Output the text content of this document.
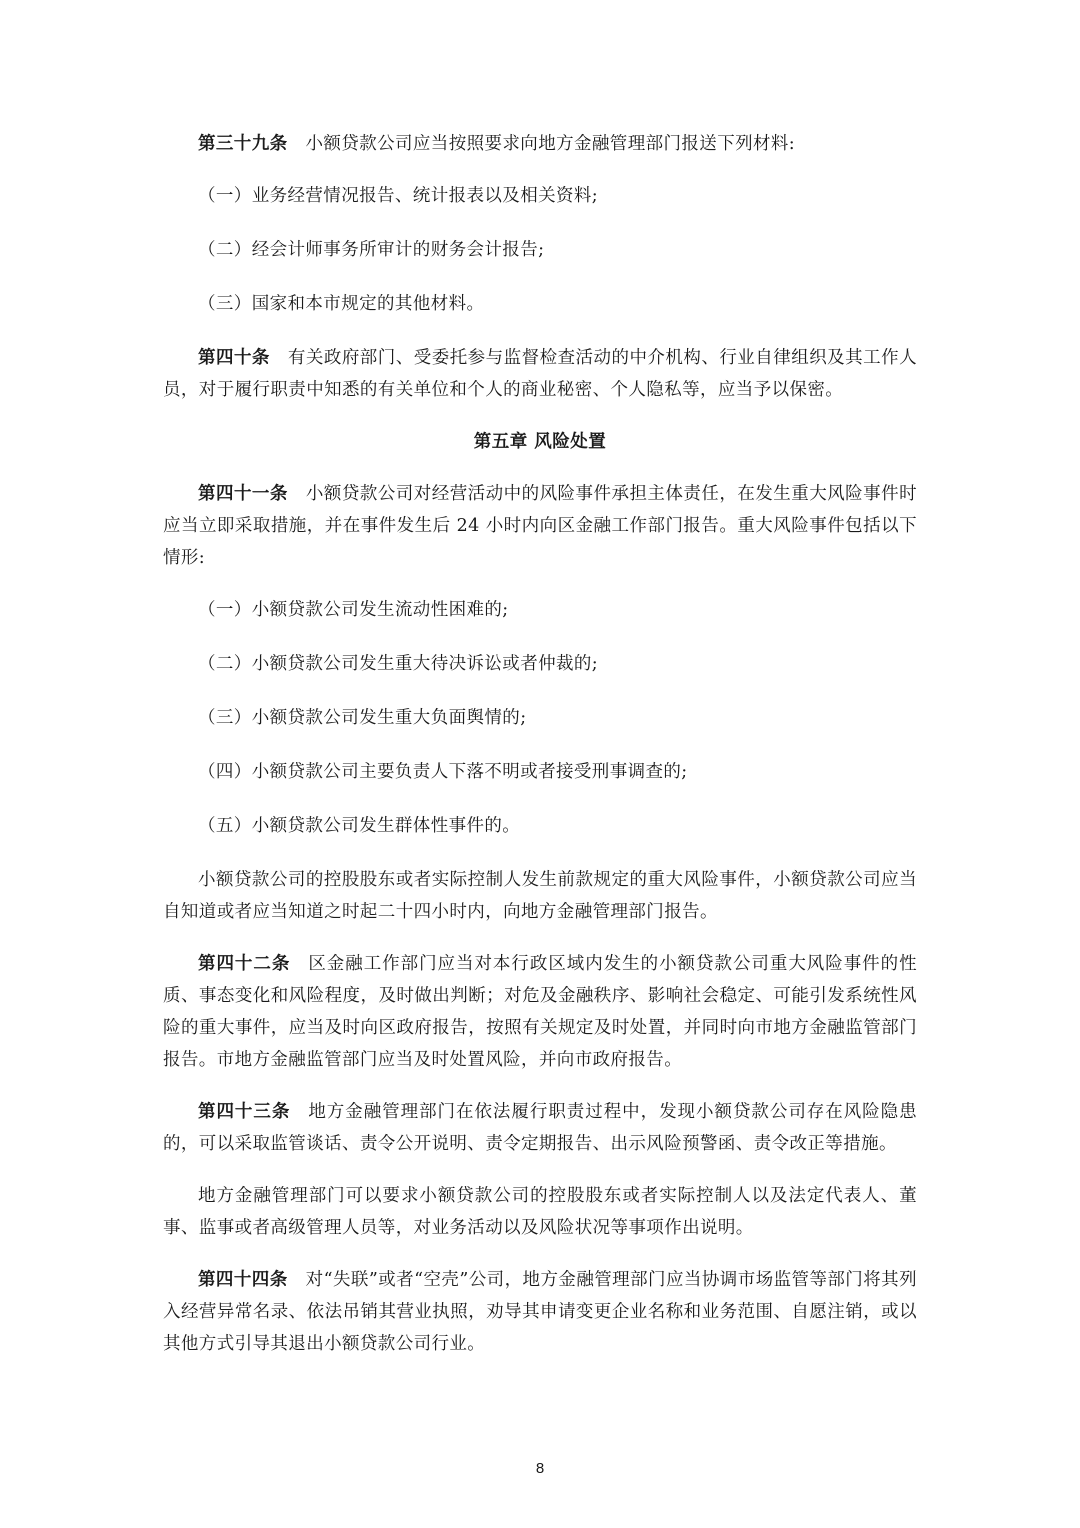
第三十九条 小额贷款公司应当按照要求向地方金融管理部门报送下列材料:

（一）业务经营情况报告、统计报表以及相关资料;

（二）经会计师事务所审计的财务会计报告;

（三）国家和本市规定的其他材料。

第四十条 有关政府部门、受委托参与监督检查活动的中介机构、行业自律组织及其工作人员，对于履行职责中知悉的有关单位和个人的商业秘密、个人隐私等，应当予以保密。

第五章 风险处置

第四十一条 小额贷款公司对经营活动中的风险事件承担主体责任，在发生重大风险事件时应当立即采取措施，并在事件发生后 24 小时内向区金融工作部门报告。重大风险事件包括以下情形:

（一）小额贷款公司发生流动性困难的;

（二）小额贷款公司发生重大待决诉讼或者仲裁的;

（三）小额贷款公司发生重大负面舆情的;

（四）小额贷款公司主要负责人下落不明或者接受刑事调查的;

（五）小额贷款公司发生群体性事件的。

小额贷款公司的控股股东或者实际控制人发生前款规定的重大风险事件，小额贷款公司应当自知道或者应当知道之时起二十四小时内，向地方金融管理部门报告。

第四十二条 区金融工作部门应当对本行政区域内发生的小额贷款公司重大风险事件的性质、事态变化和风险程度，及时做出判断；对危及金融秩序、影响社会稳定、可能引发系统性风险的重大事件，应当及时向区政府报告，按照有关规定及时处置，并同时向市地方金融监管部门报告。市地方金融监管部门应当及时处置风险，并向市政府报告。

第四十三条 地方金融管理部门在依法履行职责过程中，发现小额贷款公司存在风险隐患的，可以采取监管谈话、责令公开说明、责令定期报告、出示风险预警函、责令改正等措施。

地方金融管理部门可以要求小额贷款公司的控股股东或者实际控制人以及法定代表人、董事、监事或者高级管理人员等，对业务活动以及风险状况等事项作出说明。

第四十四条 对“失联”或者“空壳”公司，地方金融管理部门应当协调市场监管等部门将其列入经营异常名录、依法吊销其营业执照，劝导其申请变更企业名称和业务范围、自愿注销，或以其他方式引导其退出小额贷款公司行业。

8
